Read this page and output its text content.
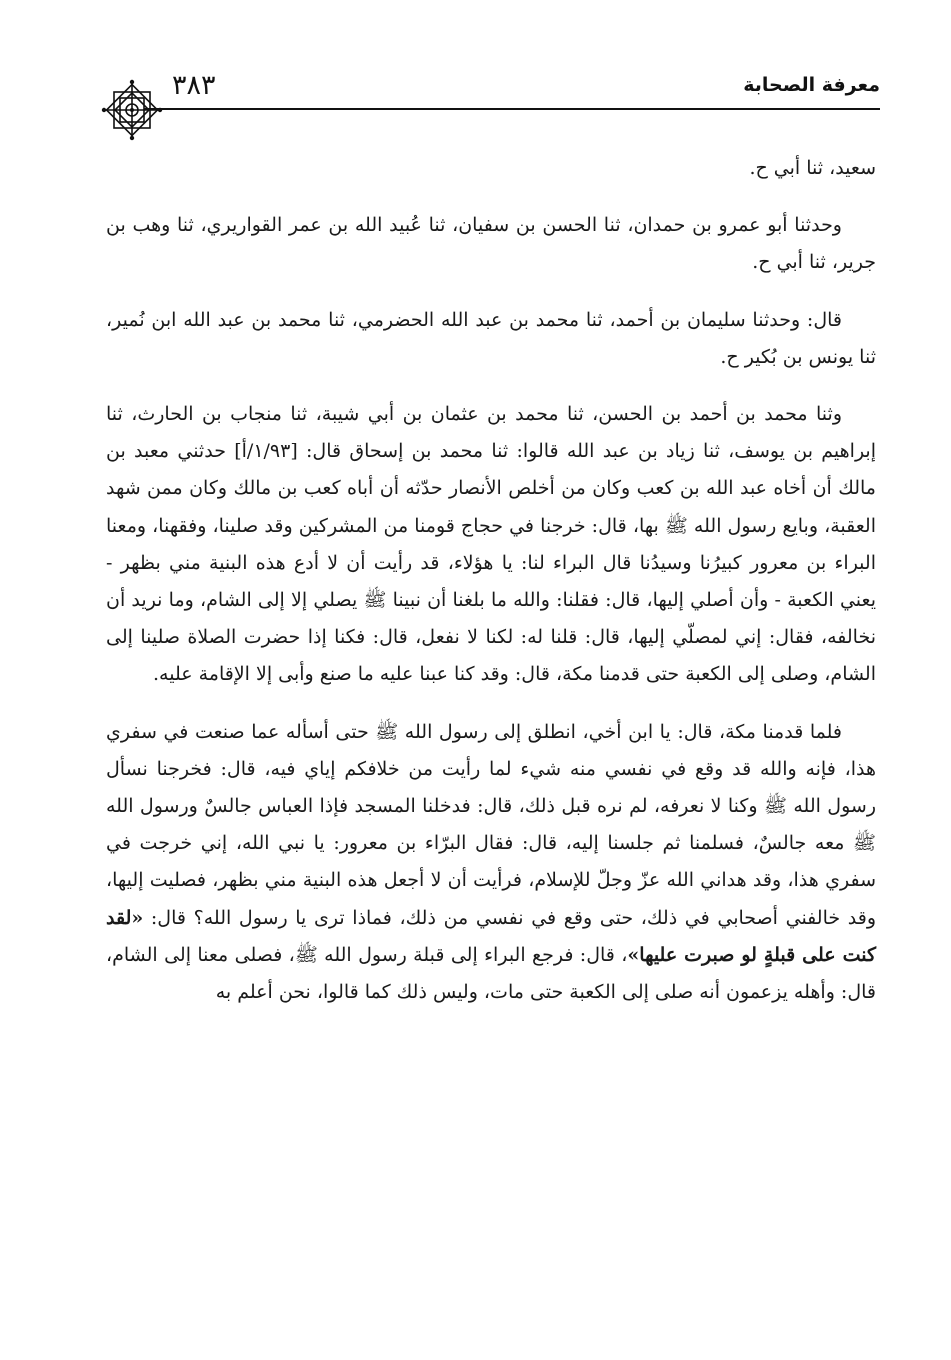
٣٨٣	معرفة الصحابة

سعيد، ثنا أبي ح.

وحدثنا أبو عمرو بن حمدان، ثنا الحسن بن سفيان، ثنا عُبيد الله بن عمر القواريري، ثنا وهب بن جرير، ثنا أبي ح.

قال: وحدثنا سليمان بن أحمد، ثنا محمد بن عبد الله الحضرمي، ثنا محمد بن عبد الله ابن نُمير، ثنا يونس بن بُكير ح.

وثنا محمد بن أحمد بن الحسن، ثنا محمد بن عثمان بن أبي شيبة، ثنا منجاب بن الحارث، ثنا إبراهيم بن يوسف، ثنا زياد بن عبد الله قالوا: ثنا محمد بن إسحاق قال: [١/٩٣/أ] حدثني معبد بن مالك أن أخاه عبد الله بن كعب وكان من أخلص الأنصار حدّثه أن أباه كعب بن مالك وكان ممن شهد العقبة، وبايع رسول الله ﷺ بها، قال: خرجنا في حجاج قومنا من المشركين وقد صلينا، وفقهنا، ومعنا البراء بن معرور كبيرُنا وسيدُنا قال البراء لنا: يا هؤلاء، قد رأيت أن لا أدع هذه البنية مني بظهر - يعني الكعبة - وأن أصلي إليها، قال: فقلنا: والله ما بلغنا أن نبينا ﷺ يصلي إلا إلى الشام، وما نريد أن نخالفه، فقال: إني لمصلّي إليها، قال: قلنا له: لكنا لا نفعل، قال: فكنا إذا حضرت الصلاة صلينا إلى الشام، وصلى إلى الكعبة حتى قدمنا مكة، قال: وقد كنا عبنا عليه ما صنع وأبى إلا الإقامة عليه.

فلما قدمنا مكة، قال: يا ابن أخي، انطلق إلى رسول الله ﷺ حتى أسأله عما صنعت في سفري هذا، فإنه والله قد وقع في نفسي منه شيء لما رأيت من خلافكم إياي فيه، قال: فخرجنا نسأل رسول الله ﷺ وكنا لا نعرفه، لم نره قبل ذلك، قال: فدخلنا المسجد فإذا العباس جالسٌ ورسول الله ﷺ معه جالسٌ، فسلمنا ثم جلسنا إليه، قال: فقال البرّاء بن معرور: يا نبي الله، إني خرجت في سفري هذا، وقد هداني الله عزّ وجلّ للإسلام، فرأيت أن لا أجعل هذه البنية مني بظهر، فصليت إليها، وقد خالفني أصحابي في ذلك، حتى وقع في نفسي من ذلك، فماذا ترى يا رسول الله؟ قال: «لقد كنت على قبلةٍ لو صبرت عليها»، قال: فرجع البراء إلى قبلة رسول الله ﷺ، فصلى معنا إلى الشام، قال: وأهله يزعمون أنه صلى إلى الكعبة حتى مات، وليس ذلك كما قالوا، نحن أعلم به
